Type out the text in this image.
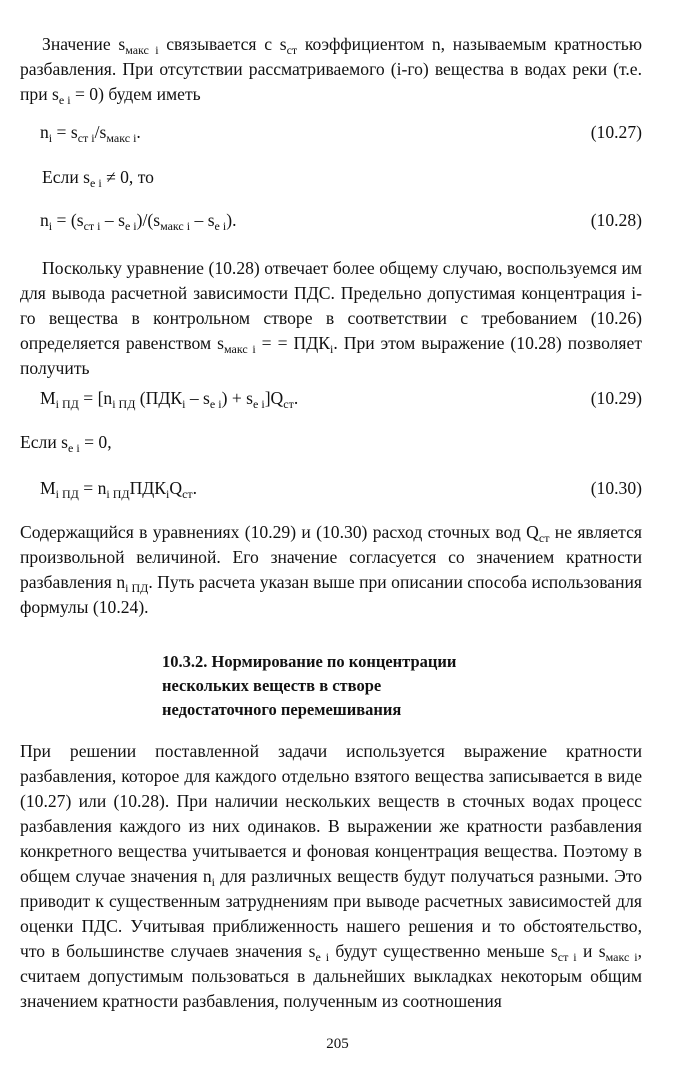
Значение $s_{макс i}$ связывается с $s_{ст}$ коэффициентом n, называемым кратностью разбавления. При отсутствии рассматриваемого (i-го) вещества в водах реки (т.е. при $s_{е i} = 0$) будем иметь

$n_i = s_{ст i}/s_{макс i}$.	(10.27)
Если $s_{е i} \ne 0$, то
$n_i = (s_{ст i} - s_{е i})/(s_{макс i} - s_{е i})$.	(10.28)

Поскольку уравнение (10.28) отвечает более общему случаю, воспользуемся им для вывода расчетной зависимости ПДС. Предельно допустимая концентрация i-го вещества в контрольном створе в соответствии с требованием (10.26) определяется равенством $s_{макс i}$ = = $ПДК_i$. При этом выражение (10.28) позволяет получить

$M_{i ПД} = [n_{i ПД}$ $(ПДК_i - s_{е i}) + s_{е i}]Q_{ст}$.	(10.29)
Если $s_{е i} = 0$,
$M_{i ПД} = n_{i ПД}ПДК_iQ_{ст}$.	(10.30)

Содержащийся в уравнениях (10.29) и (10.30) расход сточных вод $Q_{ст}$ не является произвольной величиной. Его значение согласуется со значением кратности разбавления $n_{i ПД}$. Путь расчета указан выше при описании способа использования формулы (10.24).

10.3.2. Нормирование по концентрации
нескольких веществ в створе
недостаточного перемешивания

При решении поставленной задачи используется выражение кратности разбавления, которое для каждого отдельно взятого вещества записывается в виде (10.27) или (10.28). При наличии нескольких веществ в сточных водах процесс разбавления каждого из них одинаков. В выражении же кратности разбавления конкретного вещества учитывается и фоновая концентрация вещества. Поэтому в общем случае значения $n_i$ для различных веществ будут получаться разными. Это приводит к существенным затруднениям при выводе расчетных зависимостей для оценки ПДС. Учитывая приближенность нашего решения и то обстоятельство, что в большинстве случаев значения $s_{е i}$ будут существенно меньше $s_{ст i}$ и $s_{макс i}$, считаем допустимым пользоваться в дальнейших выкладках некоторым общим значением кратности разбавления, полученным из соотношения

205
